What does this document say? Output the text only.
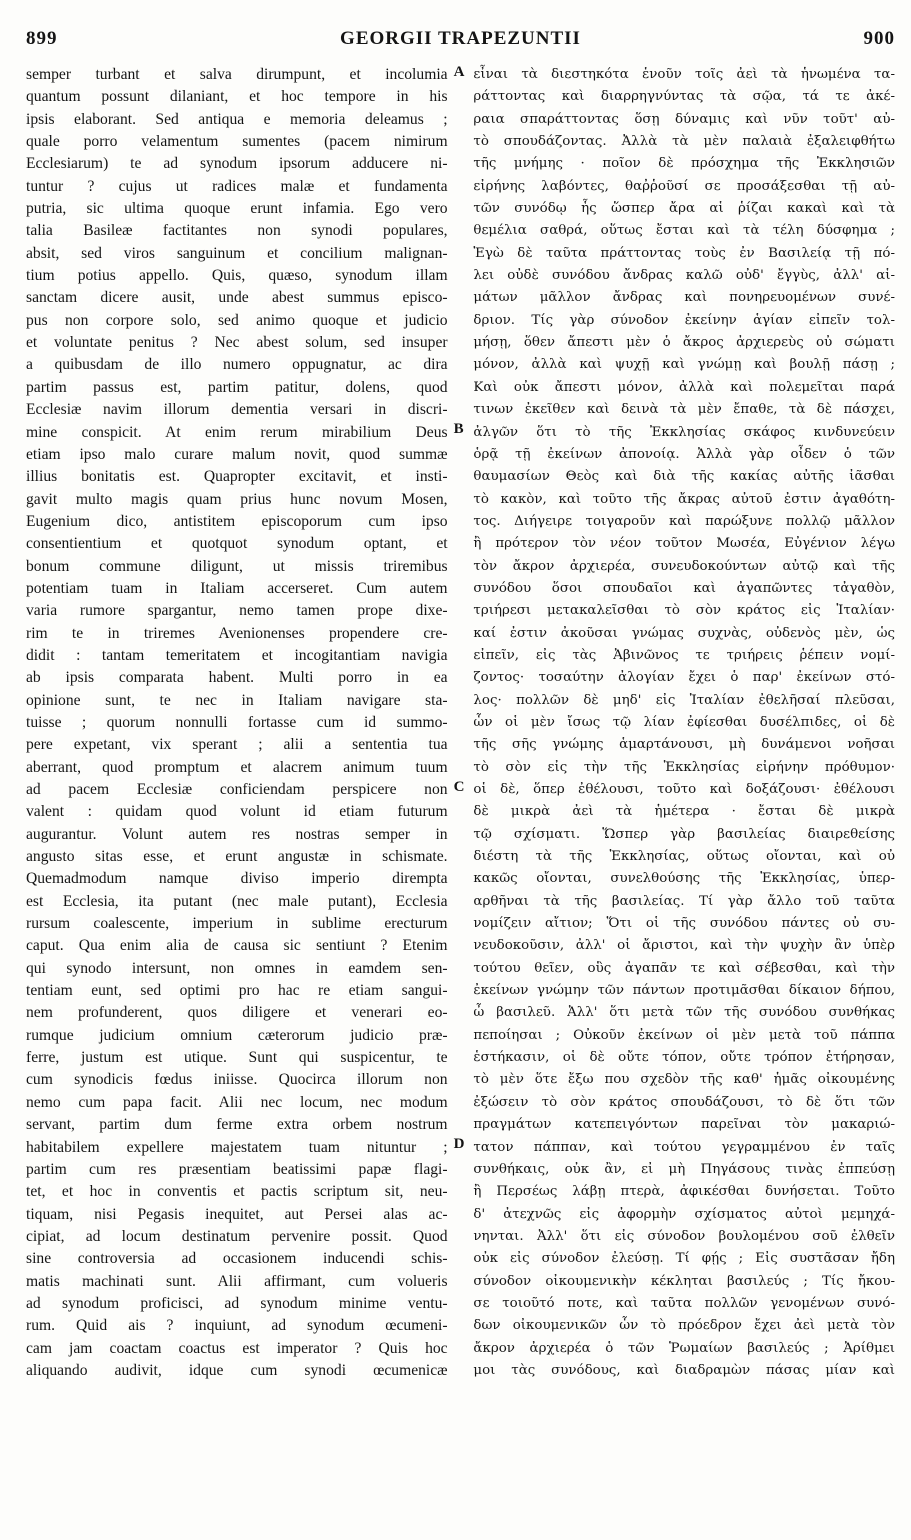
899	GEORGII TRAPEZUNTII	900
semper turbant et salva dirumpunt, et incolumia
quantum possunt dilaniant, et hoc tempore in his
ipsis elaborant. Sed antiqua e memoria deleamus ;
quale porro velamentum sumentes (pacem nimirum
Ecclesiarum) te ad synodum ipsorum adducere ni-
tuntur ? cujus ut radices malæ et fundamenta
putria, sic ultima quoque erunt infamia. Ego vero
talia Basileæ factitantes non synodi populares,
absit, sed viros sanguinum et concilium malignan-
tium potius appello. Quis, quæso, synodum illam
sanctam dicere ausit, unde abest summus episco-
pus non corpore solo, sed animo quoque et judicio
et voluntate penitus ? Nec abest solum, sed insuper
a quibusdam de illo numero oppugnatur, ac dira
partim passus est, partim patitur, dolens, quod
Ecclesiæ navim illorum dementia versari in discri-
mine conspicit. At enim rerum mirabilium Deus
etiam ipso malo curare malum novit, quod summæ
illius bonitatis est. Quapropter excitavit, et insti-
gavit multo magis quam prius hunc novum Mosen,
Eugenium dico, antistitem episcoporum cum ipso
consentientium et quotquot synodum optant, et
bonum commune diligunt, ut missis triremibus
potentiam tuam in Italiam accerseret. Cum autem
varia rumore spargantur, nemo tamen prope dixe-
rim te in triremes Avenionenses propendere cre-
didit : tantam temeritatem et incogitantiam navigia
ab ipsis comparata habent. Multi porro in ea
opinione sunt, te nec in Italiam navigare sta-
tuisse ; quorum nonnulli fortasse cum id summo-
pere expetant, vix sperant ; alii a sententia tua
aberrant, quod promptum et alacrem animum tuum
ad pacem Ecclesiæ conficiendam perspicere non
valent : quidam quod volunt id etiam futurum
augurantur. Volunt autem res nostras semper in
angusto sitas esse, et erunt angustæ in schismate.
Quemadmodum namque diviso imperio dirempta
est Ecclesia, ita putant (nec male putant), Ecclesia
rursum coalescente, imperium in sublime erecturum
caput. Qua enim alia de causa sic sentiunt ? Etenim
qui synodo intersunt, non omnes in eamdem sen-
tentiam eunt, sed optimi pro hac re etiam sangui-
nem profunderent, quos diligere et venerari eo-
rumque judicium omnium cæterorum judicio præ-
ferre, justum est utique. Sunt qui suspicentur, te
cum synodicis fœdus iniisse. Quocirca illorum non
nemo cum papa facit. Alii nec locum, nec modum
servant, partim dum ferme extra orbem nostrum
habitabilem expellere majestatem tuam nituntur ;
partim cum res præsentiam beatissimi papæ flagi-
tet, et hoc in conventis et pactis scriptum sit, neu-
tiquam, nisi Pegasis inequitet, aut Persei alas ac-
cipiat, ad locum destinatum pervenire possit. Quod
sine controversia ad occasionem inducendi schis-
matis machinati sunt. Alii affirmant, cum volueris
ad synodum proficisci, ad synodum minime ventu-
rum. Quid ais ? inquiunt, ad synodum œcumeni-
cam jam coactam coactus est imperator ? Quis hoc
aliquando audivit, idque cum synodi œcumenicæ
A
B
C
D
εἶναι τὰ διεστηκότα ἑνοῦν τοῖς ἀεὶ τὰ ἡνωμένα τα-
ράττοντας καὶ διαρρηγνύντας τὰ σῷα, τά τε ἀκέ-
ραια σπαράττοντας ὅσῃ δύναμις καὶ νῦν τοῦτ' αὐ-
τὸ σπουδάζοντας. Ἀλλὰ τὰ μὲν παλαιὰ ἐξαλειφθήτω
τῆς μνήμης · ποῖον δὲ πρόσχημα τῆς Ἐκκλησιῶν
εἰρήνης λαβόντες, θαῤῥοῦσί σε προσάξεσθαι τῇ αὐ-
τῶν συνόδῳ ἧς ὥσπερ ἄρα αἱ ῥίζαι κακαὶ καὶ τὰ
θεμέλια σαθρά, οὕτως ἔσται καὶ τὰ τέλη δύσφημα ;
Ἐγὼ δὲ ταῦτα πράττοντας τοὺς ἐν Βασιλείᾳ τῇ πό-
λει οὐδὲ συνόδου ἄνδρας καλῶ οὐδ' ἔγγὺς, ἀλλ' αἱ-
μάτων μᾶλλον ἄνδρας καὶ πονηρευομένων συνέ-
δριον. Τίς γὰρ σύνοδον ἐκείνην ἁγίαν εἰπεῖν τολ-
μήσῃ, ὅθεν ἄπεστι μὲν ὁ ἄκρος ἀρχιερεὺς οὐ σώματι
μόνον, ἀλλὰ καὶ ψυχῇ καὶ γνώμῃ καὶ βουλῇ πάσῃ ;
Καὶ οὐκ ἄπεστι μόνον, ἀλλὰ καὶ πολεμεῖται παρά
τινων ἐκεῖθεν καὶ δεινὰ τὰ μὲν ἔπαθε, τὰ δὲ πάσχει,
ἀλγῶν ὅτι τὸ τῆς Ἐκκλησίας σκάφος κινδυνεύειν
ὁρᾷ τῇ ἐκείνων ἀπονοίᾳ. Ἀλλὰ γὰρ οἶδεν ὁ τῶν
θαυμασίων Θεὸς καὶ διὰ τῆς κακίας αὐτῆς ἰᾶσθαι
τὸ κακὸν, καὶ τοῦτο τῆς ἄκρας αὐτοῦ ἐστιν ἀγαθότη-
τος. Διήγειρε τοιγαροῦν καὶ παρώξυνε πολλῷ μᾶλλον
ἢ πρότερον τὸν νέον τοῦτον Μωσέα, Εὐγένιον λέγω
τὸν ἄκρον ἀρχιερέα, συνευδοκούντων αὐτῷ καὶ τῆς
συνόδου ὅσοι σπουδαῖοι καὶ ἀγαπῶντες τἀγαθὸν,
τριήρεσι μετακαλεῖσθαι τὸ σὸν κράτος εἰς Ἰταλίαν·
καί ἐστιν ἀκοῦσαι γνώμας συχνὰς, οὐδενὸς μὲν, ὡς
εἰπεῖν, εἰς τὰς Ἀβινῶνος τε τριήρεις ῥέπειν νομί-
ζοντος· τοσαύτην ἀλογίαν ἔχει ὁ παρ' ἐκείνων στό-
λος· πολλῶν δὲ μηδ' εἰς Ἰταλίαν ἐθελῆσαί πλεῦσαι,
ὧν οἱ μὲν ἴσως τῷ λίαν ἐφίεσθαι δυσέλπιδες, οἱ δὲ
τῆς σῆς γνώμης ἁμαρτάνουσι, μὴ δυνάμενοι νοῆσαι
τὸ σὸν εἰς τὴν τῆς Ἐκκλησίας εἰρήνην πρόθυμον·
οἱ δὲ, ὅπερ ἐθέλουσι, τοῦτο καὶ δοξάζουσι· ἐθέλουσι
δὲ μικρὰ ἀεὶ τὰ ἡμέτερα · ἔσται δὲ μικρὰ
τῷ σχίσματι. Ὥσπερ γὰρ βασιλείας διαιρεθείσης
διέστη τὰ τῆς Ἐκκλησίας, οὕτως οἴονται, καὶ οὐ
κακῶς οἴονται, συνελθούσης τῆς Ἐκκλησίας, ὑπερ-
αρθῆναι τὰ τῆς βασιλείας. Τί γὰρ ἄλλο τοῦ ταῦτα
νομίζειν αἴτιον; Ὅτι οἱ τῆς συνόδου πάντες οὐ συ-
νευδοκοῦσιν, ἀλλ' οἱ ἄριστοι, καὶ τὴν ψυχὴν ἂν ὑπὲρ
τούτου θεῖεν, οὓς ἀγαπᾶν τε καὶ σέβεσθαι, καὶ τὴν
ἐκείνων γνώμην τῶν πάντων προτιμᾶσθαι δίκαιον δήπου,
ὦ βασιλεῦ. Ἀλλ' ὅτι μετὰ τῶν τῆς συνόδου συνθήκας
πεποίησαι ; Οὐκοῦν ἐκείνων οἱ μὲν μετὰ τοῦ πάππα
ἑστήκασιν, οἱ δὲ οὔτε τόπον, οὔτε τρόπον ἐτήρησαν,
τὸ μὲν ὅτε ἔξω που σχεδὸν τῆς καθ' ἡμᾶς οἰκουμένης
ἐξώσειν τὸ σὸν κράτος σπουδάζουσι, τὸ δὲ ὅτι τῶν
πραγμάτων κατεπειγόντων παρεῖναι τὸν μακαριώ-
τατον πάππαν, καὶ τούτου γεγραμμένου ἐν ταῖς
συνθήκαις, οὐκ ἂν, εἰ μὴ Πηγάσους τινὰς ἐππεύσῃ
ἢ Περσέως λάβῃ πτερὰ, ἀφικέσθαι δυνήσεται. Τοῦτο
δ' ἀτεχνῶς εἰς ἀφορμὴν σχίσματος αὐτοὶ μεμηχά-
νηνται. Ἀλλ' ὅτι εἰς σύνοδον βουλομένου σοῦ ἐλθεῖν
οὐκ εἰς σύνοδον ἐλεύσῃ. Τί φῄς ; Εἰς συστᾶσαν ἤδη
σύνοδον οἰκουμενικὴν κέκληται βασιλεύς ; Τίς ἤκου-
σε τοιοῦτό ποτε, καὶ ταῦτα πολλῶν γενομένων συνό-
δων οἰκουμενικῶν ὧν τὸ πρόεδρον ἔχει ἀεὶ μετὰ τὸν
ἄκρον ἀρχιερέα ὁ τῶν Ῥωμαίων βασιλεύς ; Ἀρίθμει
μοι τὰς συνόδους, καὶ διαδραμὼν πάσας μίαν καὶ
